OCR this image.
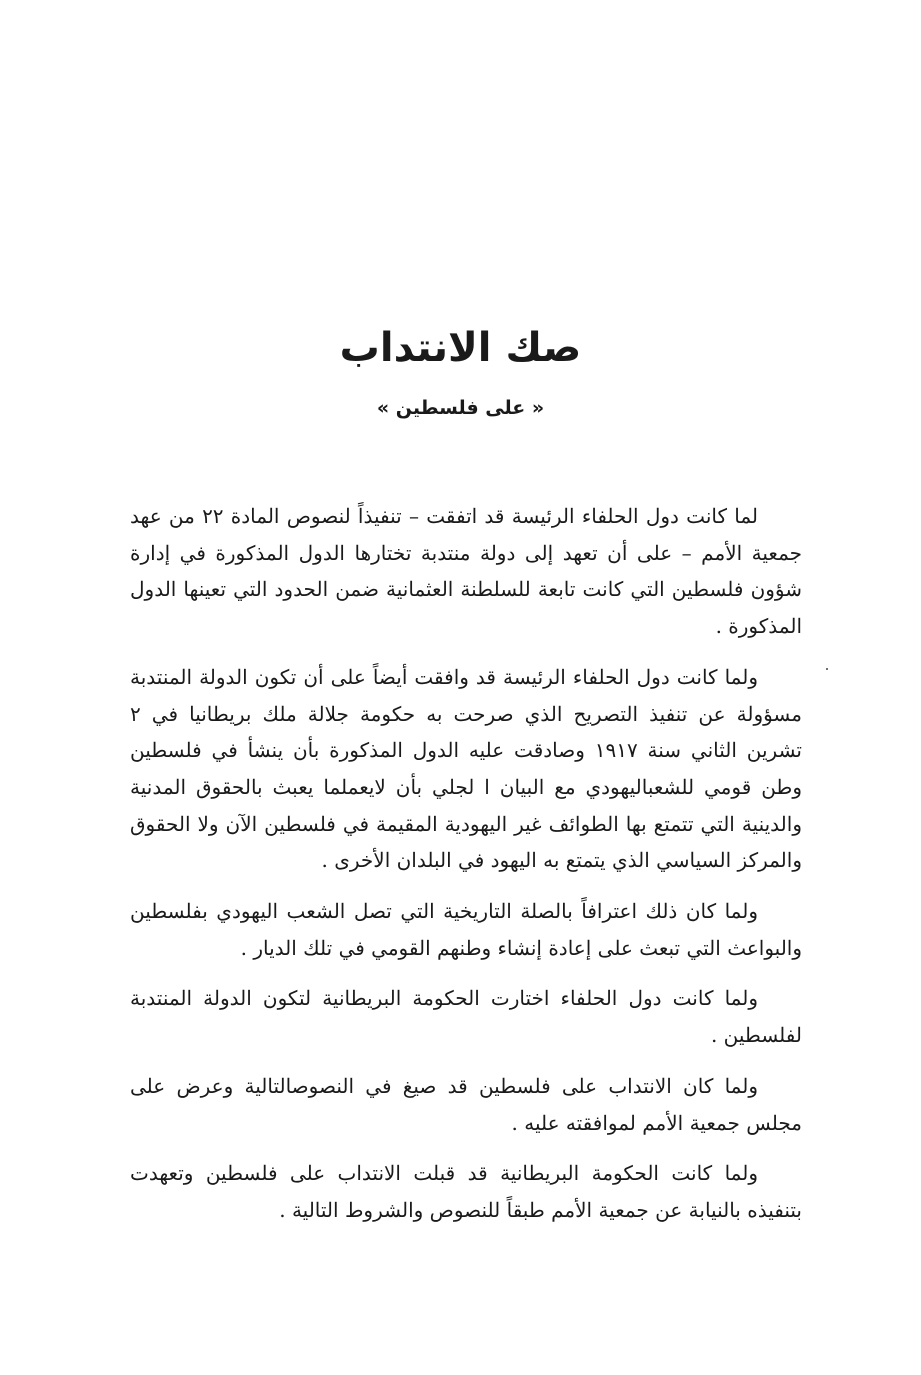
صك الانتداب
« على فلسطين »

لما كانت دول الحلفاء الرئيسة قد اتفقت – تنفيذاً لنصوص المادة ٢٢ من عهد جمعية الأمم – على أن تعهد إلى دولة منتدبة تختارها الدول المذكورة في إدارة شؤون فلسطين التي كانت تابعة للسلطنة العثمانية ضمن الحدود التي تعينها الدول المذكورة .

ولما كانت دول الحلفاء الرئيسة قد وافقت أيضاً على أن تكون الدولة المنتدبة مسؤولة عن تنفيذ التصريح الذي صرحت به حكومة جلالة ملك بريطانيا في ٢ تشرين الثاني سنة ١٩١٧ وصادقت عليه الدول المذكورة بأن ينشأ في فلسطين وطن قومي للشعباليهودي مع البيان ا لجلي بأن لايعملما يعبث بالحقوق المدنية والدينية التي تتمتع بها الطوائف غير اليهودية المقيمة في فلسطين الآن ولا الحقوق والمركز السياسي الذي يتمتع به اليهود في البلدان الأخرى .

ولما كان ذلك اعترافاً بالصلة التاريخية التي تصل الشعب اليهودي بفلسطين والبواعث التي تبعث على إعادة إنشاء وطنهم القومي في تلك الديار .

ولما كانت دول الحلفاء اختارت الحكومة البريطانية لتكون الدولة المنتدبة لفلسطين .

ولما كان الانتداب على فلسطين قد صيغ في النصوصالتالية وعرض على مجلس جمعية الأمم لموافقته عليه .

ولما كانت الحكومة البريطانية قد قبلت الانتداب على فلسطين وتعهدت بتنفيذه بالنيابة عن جمعية الأمم طبقاً للنصوص والشروط التالية .
